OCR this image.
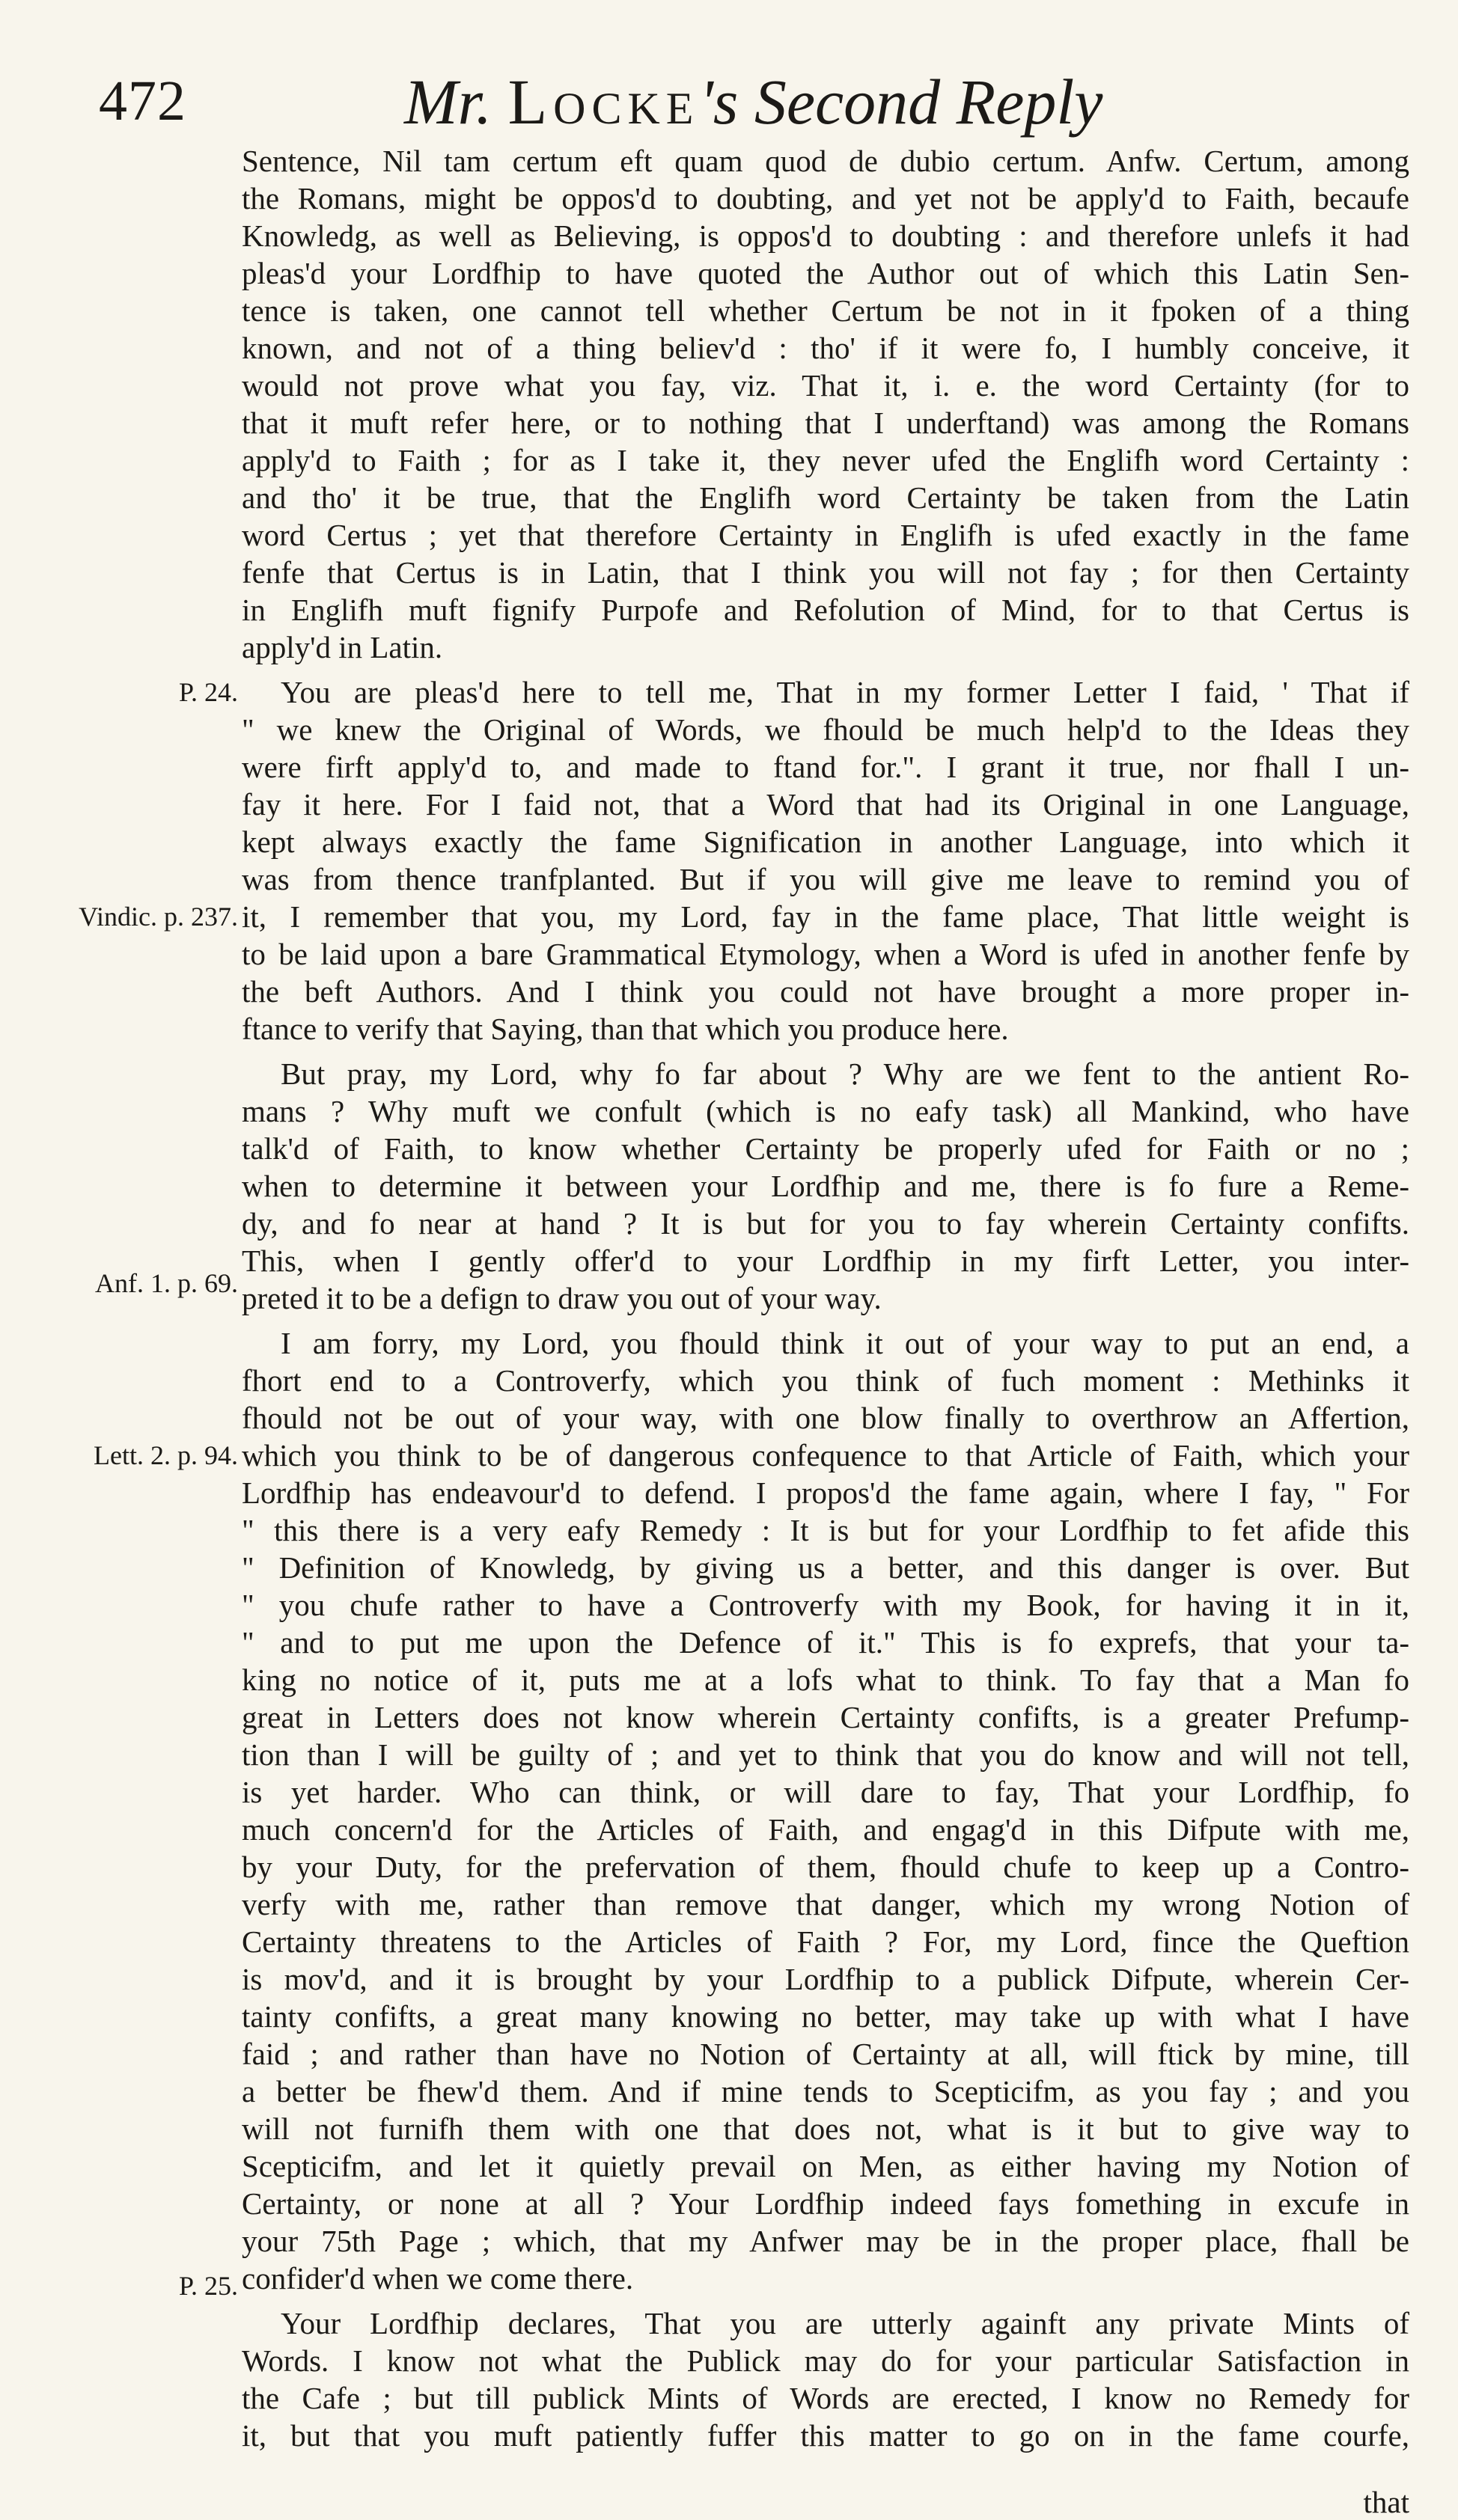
472	Mr. Locke's Second Reply
P. 24.
Vindic. p. 237.
Anf. 1. p. 69.
Lett. 2. p. 94.
P. 25.
Sentence, Nil tam certum eft quam quod de dubio certum. Anfw. Certum, among
the Romans, might be oppos'd to doubting, and yet not be apply'd to Faith, becaufe
Knowledg, as well as Believing, is oppos'd to doubting : and therefore unlefs it had
pleas'd your Lordfhip to have quoted the Author out of which this Latin Sen-
tence is taken, one cannot tell whether Certum be not in it fpoken of a thing
known, and not of a thing believ'd : tho' if it were fo, I humbly conceive, it
would not prove what you fay, viz. That it, i. e. the word Certainty (for to
that it muft refer here, or to nothing that I underftand) was among the Romans
apply'd to Faith ; for as I take it, they never ufed the Englifh word Certainty :
and tho' it be true, that the Englifh word Certainty be taken from the Latin
word Certus ; yet that therefore Certainty in Englifh is ufed exactly in the fame
fenfe that Certus is in Latin, that I think you will not fay ; for then Certainty
in Englifh muft fignify Purpofe and Refolution of Mind, for to that Certus is
apply'd in Latin.
You are pleas'd here to tell me, That in my former Letter I faid, ' That if
" we knew the Original of Words, we fhould be much help'd to the Ideas they
were firft apply'd to, and made to ftand for.". I grant it true, nor fhall I un-
fay it here. For I faid not, that a Word that had its Original in one Language,
kept always exactly the fame Signification in another Language, into which it
was from thence tranfplanted. But if you will give me leave to remind you of
it, I remember that you, my Lord, fay in the fame place, That little weight is
to be laid upon a bare Grammatical Etymology, when a Word is ufed in another fenfe by
the beft Authors. And I think you could not have brought a more proper in-
ftance to verify that Saying, than that which you produce here.
But pray, my Lord, why fo far about ? Why are we fent to the antient Ro-
mans ? Why muft we confult (which is no eafy task) all Mankind, who have
talk'd of Faith, to know whether Certainty be properly ufed for Faith or no ;
when to determine it between your Lordfhip and me, there is fo fure a Reme-
dy, and fo near at hand ? It is but for you to fay wherein Certainty confifts.
This, when I gently offer'd to your Lordfhip in my firft Letter, you inter-
preted it to be a defign to draw you out of your way.
I am forry, my Lord, you fhould think it out of your way to put an end, a
fhort end to a Controverfy, which you think of fuch moment : Methinks it
fhould not be out of your way, with one blow finally to overthrow an Affertion,
which you think to be of dangerous confequence to that Article of Faith, which your
Lordfhip has endeavour'd to defend. I propos'd the fame again, where I fay, " For
" this there is a very eafy Remedy : It is but for your Lordfhip to fet afide this
" Definition of Knowledg, by giving us a better, and this danger is over. But
" you chufe rather to have a Controverfy with my Book, for having it in it,
" and to put me upon the Defence of it." This is fo exprefs, that your ta-
king no notice of it, puts me at a lofs what to think. To fay that a Man fo
great in Letters does not know wherein Certainty confifts, is a greater Prefump-
tion than I will be guilty of ; and yet to think that you do know and will not tell,
is yet harder. Who can think, or will dare to fay, That your Lordfhip, fo
much concern'd for the Articles of Faith, and engag'd in this Difpute with me,
by your Duty, for the prefervation of them, fhould chufe to keep up a Contro-
verfy with me, rather than remove that danger, which my wrong Notion of
Certainty threatens to the Articles of Faith ? For, my Lord, fince the Queftion
is mov'd, and it is brought by your Lordfhip to a publick Difpute, wherein Cer-
tainty confifts, a great many knowing no better, may take up with what I have
faid ; and rather than have no Notion of Certainty at all, will ftick by mine, till
a better be fhew'd them. And if mine tends to Scepticifm, as you fay ; and you
will not furnifh them with one that does not, what is it but to give way to
Scepticifm, and let it quietly prevail on Men, as either having my Notion of
Certainty, or none at all ? Your Lordfhip indeed fays fomething in excufe in
your 75th Page ; which, that my Anfwer may be in the proper place, fhall be
confider'd when we come there.
Your Lordfhip declares, That you are utterly againft any private Mints of
Words. I know not what the Publick may do for your particular Satisfaction in
the Cafe ; but till publick Mints of Words are erected, I know no Remedy for
it, but that you muft patiently fuffer this matter to go on in the fame courfe,
that
